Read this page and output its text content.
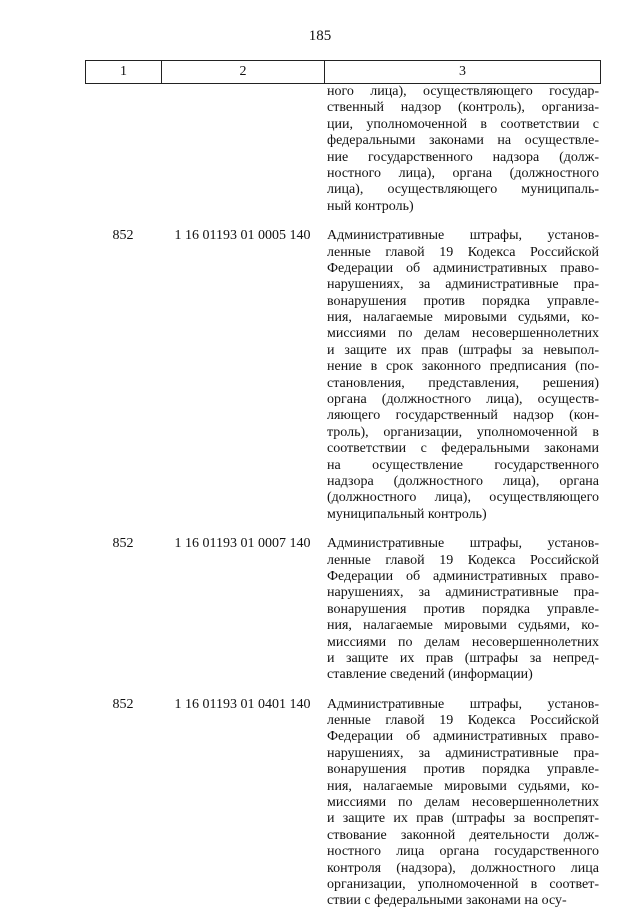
185
1	2	3
ного лица), осуществляющего государ-
ственный надзор (контроль), организа-
ции, уполномоченной в соответствии с
федеральными законами на осуществле-
ние государственного надзора (долж-
ностного лица), органа (должностного
лица), осуществляющего муниципаль-
ный контроль)
852	1 16 01193 01 0005 140	Административные штрафы, установ-
ленные главой 19 Кодекса Российской
Федерации об административных право-
нарушениях, за административные пра-
вонарушения против порядка управле-
ния, налагаемые мировыми судьями, ко-
миссиями по делам несовершеннолетних
и защите их прав (штрафы за невыпол-
нение в срок законного предписания (по-
становления, представления, решения)
органа (должностного лица), осуществ-
ляющего государственный надзор (кон-
троль), организации, уполномоченной в
соответствии с федеральными законами
на осуществление государственного
надзора (должностного лица), органа
(должностного лица), осуществляющего
муниципальный контроль)
852	1 16 01193 01 0007 140	Административные штрафы, установ-
ленные главой 19 Кодекса Российской
Федерации об административных право-
нарушениях, за административные пра-
вонарушения против порядка управле-
ния, налагаемые мировыми судьями, ко-
миссиями по делам несовершеннолетних
и защите их прав (штрафы за непред-
ставление сведений (информации)
852	1 16 01193 01 0401 140	Административные штрафы, установ-
ленные главой 19 Кодекса Российской
Федерации об административных право-
нарушениях, за административные пра-
вонарушения против порядка управле-
ния, налагаемые мировыми судьями, ко-
миссиями по делам несовершеннолетних
и защите их прав (штрафы за воспрепят-
ствование законной деятельности долж-
ностного лица органа государственного
контроля (надзора), должностного лица
организации, уполномоченной в соответ-
ствии с федеральными законами на осу-
